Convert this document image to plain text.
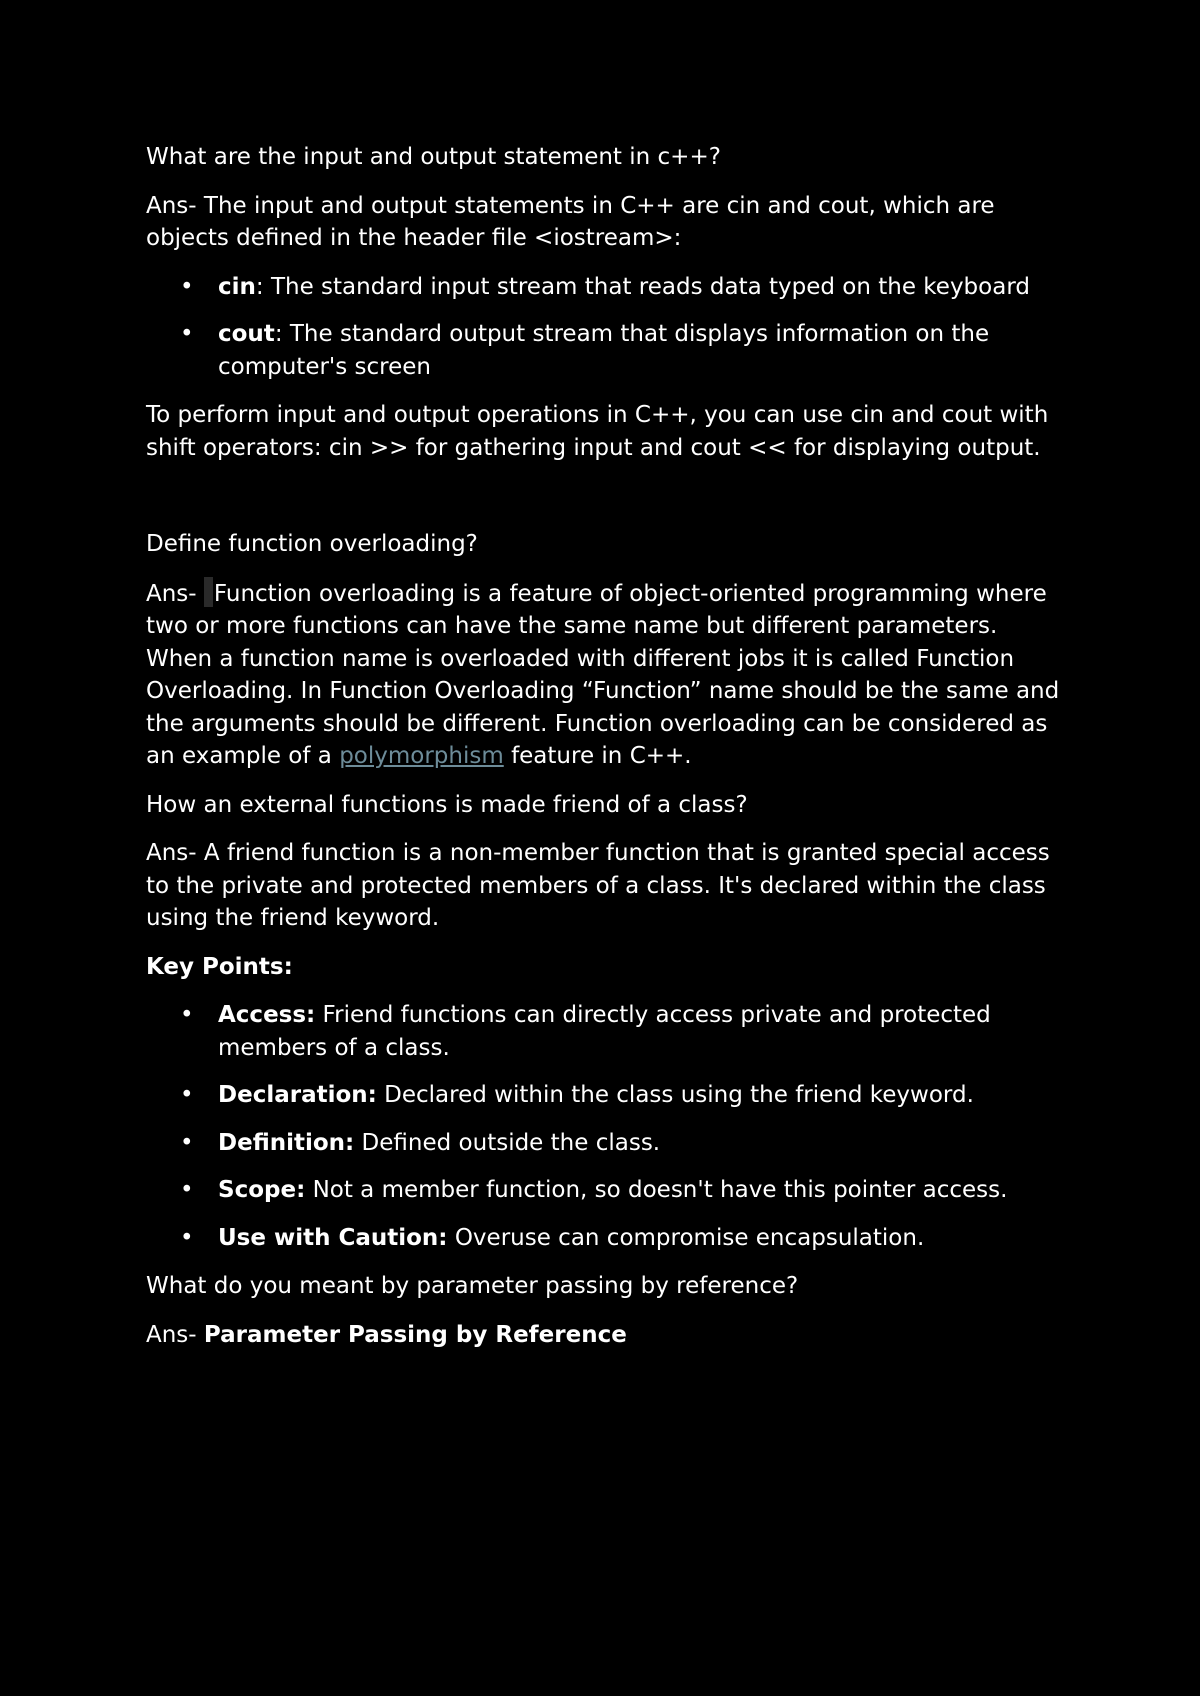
What are the input and output statement in c++?

Ans- The input and output statements in C++ are cin and cout, which are objects defined in the header file <iostream>:

• cin: The standard input stream that reads data typed on the keyboard
• cout: The standard output stream that displays information on the computer's screen

To perform input and output operations in C++, you can use cin and cout with shift operators: cin >> for gathering input and cout << for displaying output.

Define function overloading?

Ans- Function overloading is a feature of object-oriented programming where two or more functions can have the same name but different parameters. When a function name is overloaded with different jobs it is called Function Overloading. In Function Overloading “Function” name should be the same and the arguments should be different. Function overloading can be considered as an example of a polymorphism feature in C++.

How an external functions is made friend of a class?

Ans- A friend function is a non-member function that is granted special access to the private and protected members of a class. It's declared within the class using the friend keyword.

Key Points:

• Access: Friend functions can directly access private and protected members of a class.
• Declaration: Declared within the class using the friend keyword.
• Definition: Defined outside the class.
• Scope: Not a member function, so doesn't have this pointer access.
• Use with Caution: Overuse can compromise encapsulation.

What do you meant by parameter passing by reference?

Ans- Parameter Passing by Reference
